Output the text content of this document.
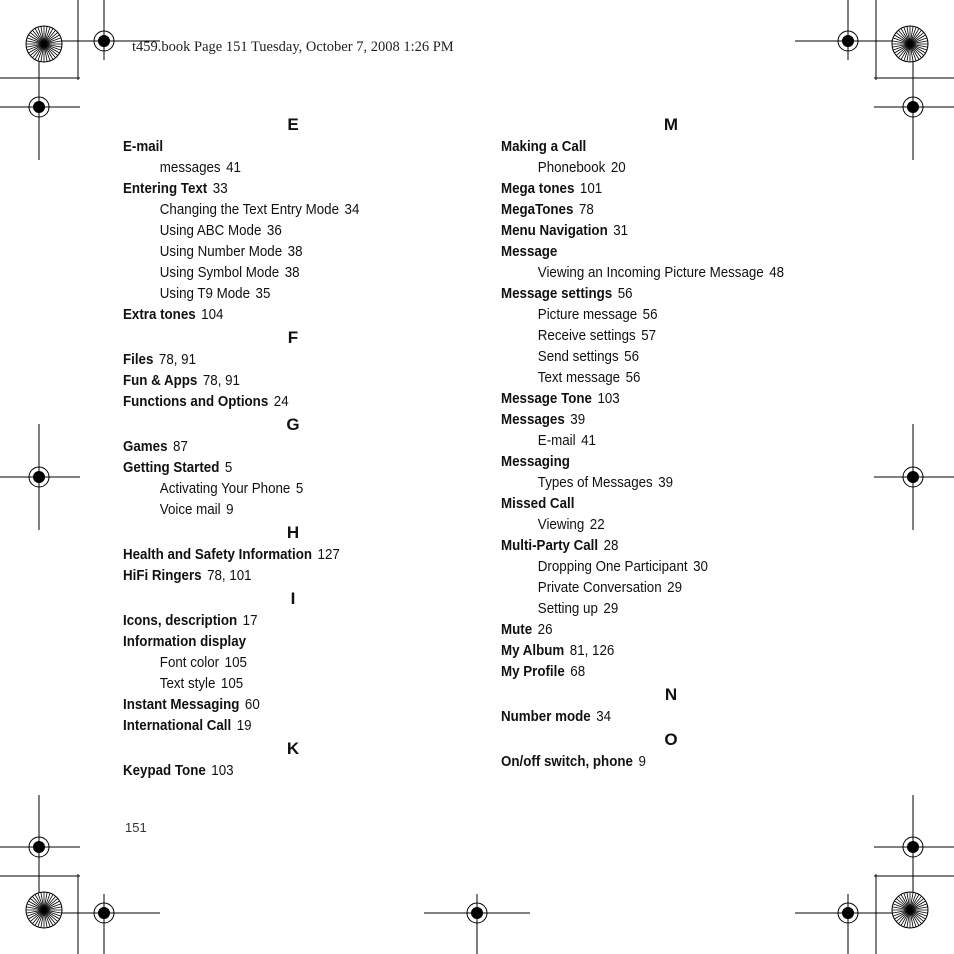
t459.book Page 151 Tuesday, October 7, 2008 1:26 PM
E
E-mail
messages 41
Entering Text 33
Changing the Text Entry Mode 34
Using ABC Mode 36
Using Number Mode 38
Using Symbol Mode 38
Using T9 Mode 35
Extra tones 104
F
Files 78, 91
Fun & Apps 78, 91
Functions and Options 24
G
Games 87
Getting Started 5
Activating Your Phone 5
Voice mail 9
H
Health and Safety Information 127
HiFi Ringers 78, 101
I
Icons, description 17
Information display
Font color 105
Text style 105
Instant Messaging 60
International Call 19
K
Keypad Tone 103
M
Making a Call
Phonebook 20
Mega tones 101
MegaTones 78
Menu Navigation 31
Message
Viewing an Incoming Picture Message 48
Message settings 56
Picture message 56
Receive settings 57
Send settings 56
Text message 56
Message Tone 103
Messages 39
E-mail 41
Messaging
Types of Messages 39
Missed Call
Viewing 22
Multi-Party Call 28
Dropping One Participant 30
Private Conversation 29
Setting up 29
Mute 26
My Album 81, 126
My Profile 68
N
Number mode 34
O
On/off switch, phone 9
151
